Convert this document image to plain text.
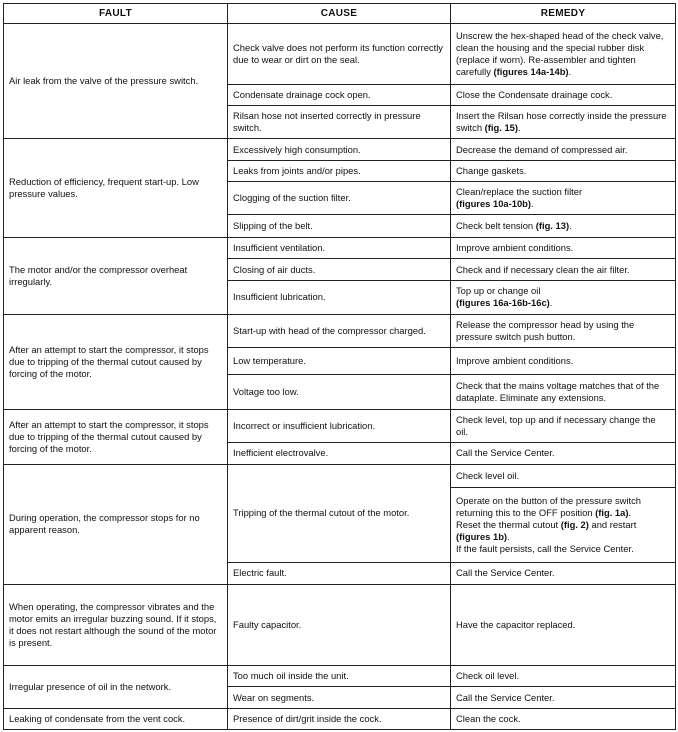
FAULT	CAUSE	REMEDY
Air leak from the valve of the pressure switch.	Check valve does not perform its function correctly due to wear or dirt on the seal.	Unscrew the hex-shaped head of the check valve, clean the housing and the special rubber disk (replace if worn). Re-assembler and tighten carefully (figures 14a-14b).
	Condensate drainage cock open.	Close the Condensate drainage cock.
	Rilsan hose not inserted correctly in pressure switch.	Insert the Rilsan hose correctly inside the pressure switch (fig. 15).
Reduction of efficiency, frequent start-up. Low pressure values.	Excessively high consumption.	Decrease the demand of compressed air.
	Leaks from joints and/or pipes.	Change gaskets.
	Clogging of the suction filter.	Clean/replace the suction filter
(figures 10a-10b).
	Slipping of the belt.	Check belt tension (fig. 13).
The motor and/or the compressor overheat irregularly.	Insufficient ventilation.	Improve ambient conditions.
	Closing of air ducts.	Check and if necessary clean the air filter.
	Insufficient lubrication.	Top up or change oil
(figures 16a-16b-16c).
After an attempt to start the compressor, it stops due to tripping of the thermal cutout caused by forcing of the motor.	Start-up with head of the compressor charged.	Release the compressor head by using the pressure switch push button.
	Low temperature.	Improve ambient conditions.
	Voltage too low.	Check that the mains voltage matches that of the dataplate. Eliminate any extensions.
After an attempt to start the compressor, it stops due to tripping of the thermal cutout caused by forcing of the motor.	Incorrect or insufficient lubrication.	Check level, top up and if necessary change the oil.
	Inefficient electrovalve.	Call the Service Center.
During operation, the compressor stops for no apparent reason.	Tripping of the thermal cutout of the motor.	Check level oil.
		Operate on the button of the pressure switch returning this to the OFF position (fig. 1a).
Reset the thermal cutout (fig. 2) and restart (figures 1b).
If the fault persists, call the Service Center.
	Electric fault.	Call the Service Center.
When operating, the compressor vibrates and the motor emits an irregular buzzing sound. If it stops, it does not restart although the sound of the motor is present.	Faulty capacitor.	Have the capacitor replaced.
Irregular presence of oil in the network.	Too much oil inside the unit.	Check oil level.
	Wear on segments.	Call the Service Center.
Leaking of condensate from the vent cock.	Presence of dirt/grit inside the cock.	Clean the cock.
